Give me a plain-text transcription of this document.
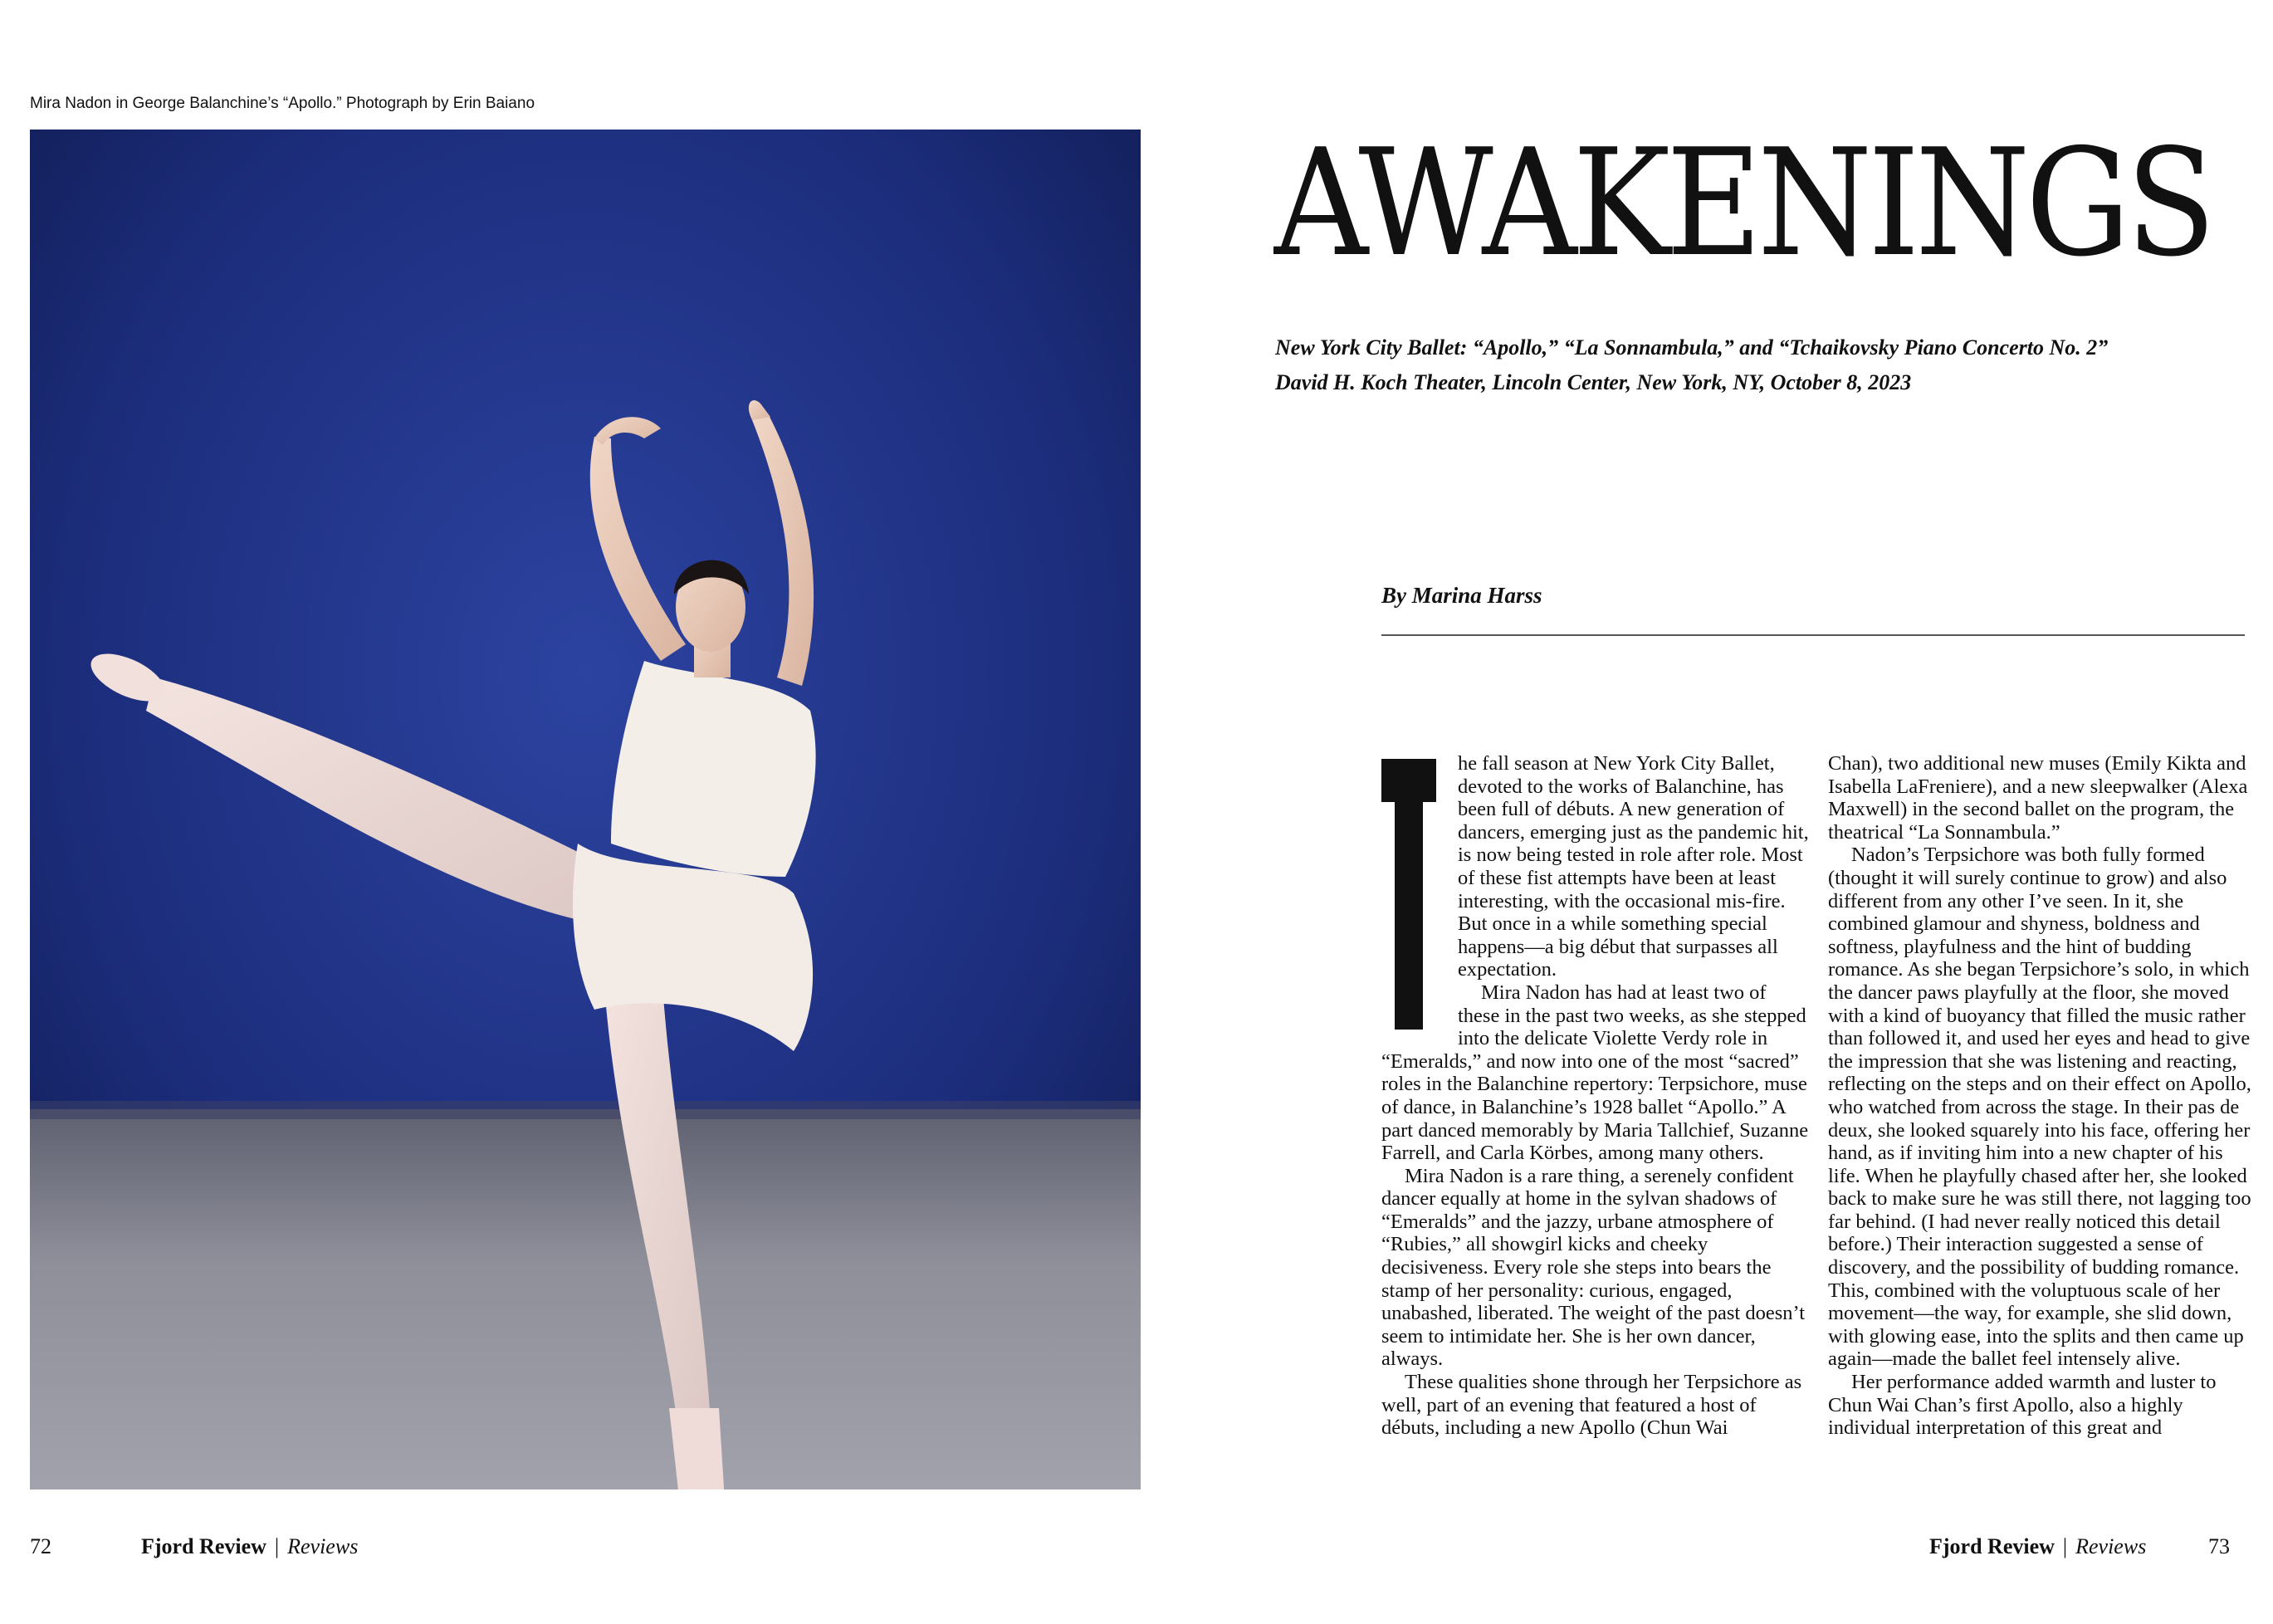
Mira Nadon in George Balanchine’s “Apollo.” Photograph by Erin Baiano
AWAKENINGS
New York City Ballet: “Apollo,” “La Sonnambula,” and “Tchaikovsky Piano Concerto No. 2”
David H. Koch Theater, Lincoln Center, New York, NY, October 8, 2023
By Marina Harss

he fall season at New York City Ballet, devoted to the works of Balanchine, has been full of débuts. A new generation of dancers, emerging just as the pandemic hit, is now being tested in role after role. Most of these fist attempts have been at least interesting, with the occasional mis-fire. But once in a while something special happens—a big début that surpasses all expectation.

Mira Nadon has had at least two of these in the past two weeks, as she stepped into the delicate Violette Verdy role in “Emeralds,” and now into one of the most “sacred” roles in the Balanchine repertory: Terpsichore, muse of dance, in Balanchine’s 1928 ballet “Apollo.” A part danced memorably by Maria Tallchief, Suzanne Farrell, and Carla Körbes, among many others.

Mira Nadon is a rare thing, a serenely confident dancer equally at home in the sylvan shadows of “Emeralds” and the jazzy, urbane atmosphere of “Rubies,” all showgirl kicks and cheeky decisiveness. Every role she steps into bears the stamp of her personality: curious, engaged, unabashed, liberated. The weight of the past doesn’t seem to intimidate her. She is her own dancer, always.

These qualities shone through her Terpsichore as well, part of an evening that featured a host of débuts, including a new Apollo (Chun Wai

Chan), two additional new muses (Emily Kikta and Isabella LaFreniere), and a new sleepwalker (Alexa Maxwell) in the second ballet on the program, the theatrical “La Sonnambula.”

Nadon’s Terpsichore was both fully formed (thought it will surely continue to grow) and also different from any other I’ve seen. In it, she combined glamour and shyness, boldness and softness, playfulness and the hint of budding romance. As she began Terpsichore’s solo, in which the dancer paws playfully at the floor, she moved with a kind of buoyancy that filled the music rather than followed it, and used her eyes and head to give the impression that she was listening and reacting, reflecting on the steps and on their effect on Apollo, who watched from across the stage. In their pas de deux, she looked squarely into his face, offering her hand, as if inviting him into a new chapter of his life. When he playfully chased after her, she looked back to make sure he was still there, not lagging too far behind. (I had never really noticed this detail before.) Their interaction suggested a sense of discovery, and the possibility of budding romance. This, combined with the voluptuous scale of her movement—the way, for example, she slid down, with glowing ease, into the splits and then came up again—made the ballet feel intensely alive.

Her performance added warmth and luster to Chun Wai Chan’s first Apollo, also a highly individual interpretation of this great and

72	Fjord Review | Reviews	Fjord Review | Reviews	73
